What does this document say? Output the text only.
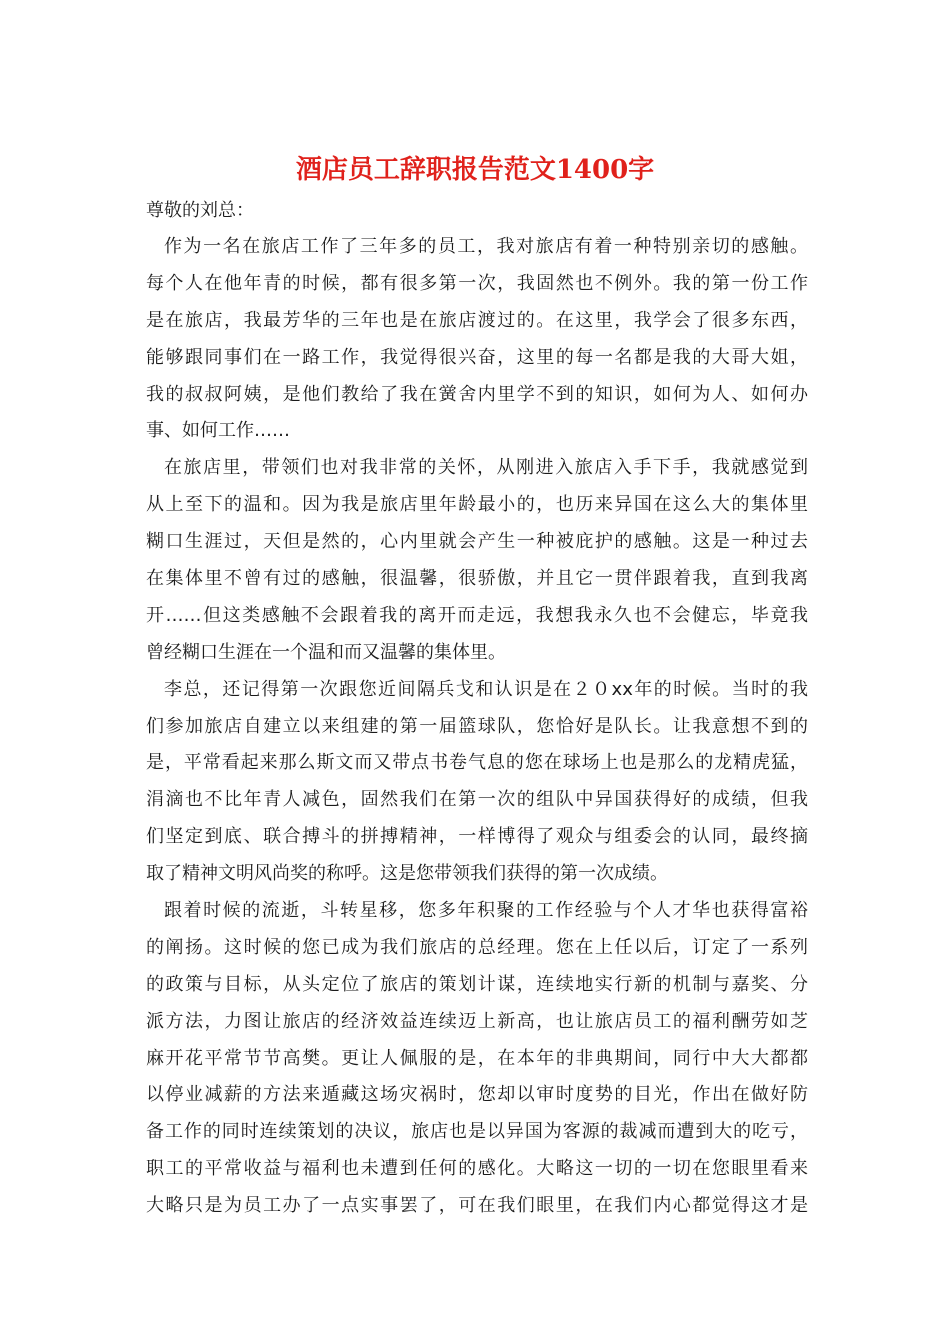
酒店员工辞职报告范文1400字
尊敬的刘总：
作为一名在旅店工作了三年多的员工，我对旅店有着一种特别亲切的感触。
每个人在他年青的时候，都有很多第一次，我固然也不例外。我的第一份工作
是在旅店，我最芳华的三年也是在旅店渡过的。在这里，我学会了很多东西，
能够跟同事们在一路工作，我觉得很兴奋，这里的每一名都是我的大哥大姐，
我的叔叔阿姨，是他们教给了我在黉舍内里学不到的知识，如何为人、如何办
事、如何工作……
在旅店里，带领们也对我非常的关怀，从刚进入旅店入手下手，我就感觉到
从上至下的温和。因为我是旅店里年龄最小的，也历来异国在这么大的集体里
糊口生涯过，天但是然的，心内里就会产生一种被庇护的感触。这是一种过去
在集体里不曾有过的感触，很温馨，很骄傲，并且它一贯伴跟着我，直到我离
开……但这类感触不会跟着我的离开而走远，我想我永久也不会健忘，毕竟我
曾经糊口生涯在一个温和而又温馨的集体里。
李总，还记得第一次跟您近间隔兵戈和认识是在２０xx年的时候。当时的我
们参加旅店自建立以来组建的第一届篮球队，您恰好是队长。让我意想不到的
是，平常看起来那么斯文而又带点书卷气息的您在球场上也是那么的龙精虎猛，
涓滴也不比年青人减色，固然我们在第一次的组队中异国获得好的成绩，但我
们坚定到底、联合搏斗的拼搏精神，一样博得了观众与组委会的认同，最终摘
取了精神文明风尚奖的称呼。这是您带领我们获得的第一次成绩。
跟着时候的流逝，斗转星移，您多年积聚的工作经验与个人才华也获得富裕
的阐扬。这时候的您已成为我们旅店的总经理。您在上任以后，订定了一系列
的政策与目标，从头定位了旅店的策划计谋，连续地实行新的机制与嘉奖、分
派方法，力图让旅店的经济效益连续迈上新高，也让旅店员工的福利酬劳如芝
麻开花平常节节高樊。更让人佩服的是，在本年的非典期间，同行中大大都都
以停业减薪的方法来遁藏这场灾祸时，您却以审时度势的目光，作出在做好防
备工作的同时连续策划的决议，旅店也是以异国为客源的裁减而遭到大的吃亏，
职工的平常收益与福利也未遭到任何的感化。大略这一切的一切在您眼里看来
大略只是为员工办了一点实事罢了，可在我们眼里，在我们内心都觉得这才是
